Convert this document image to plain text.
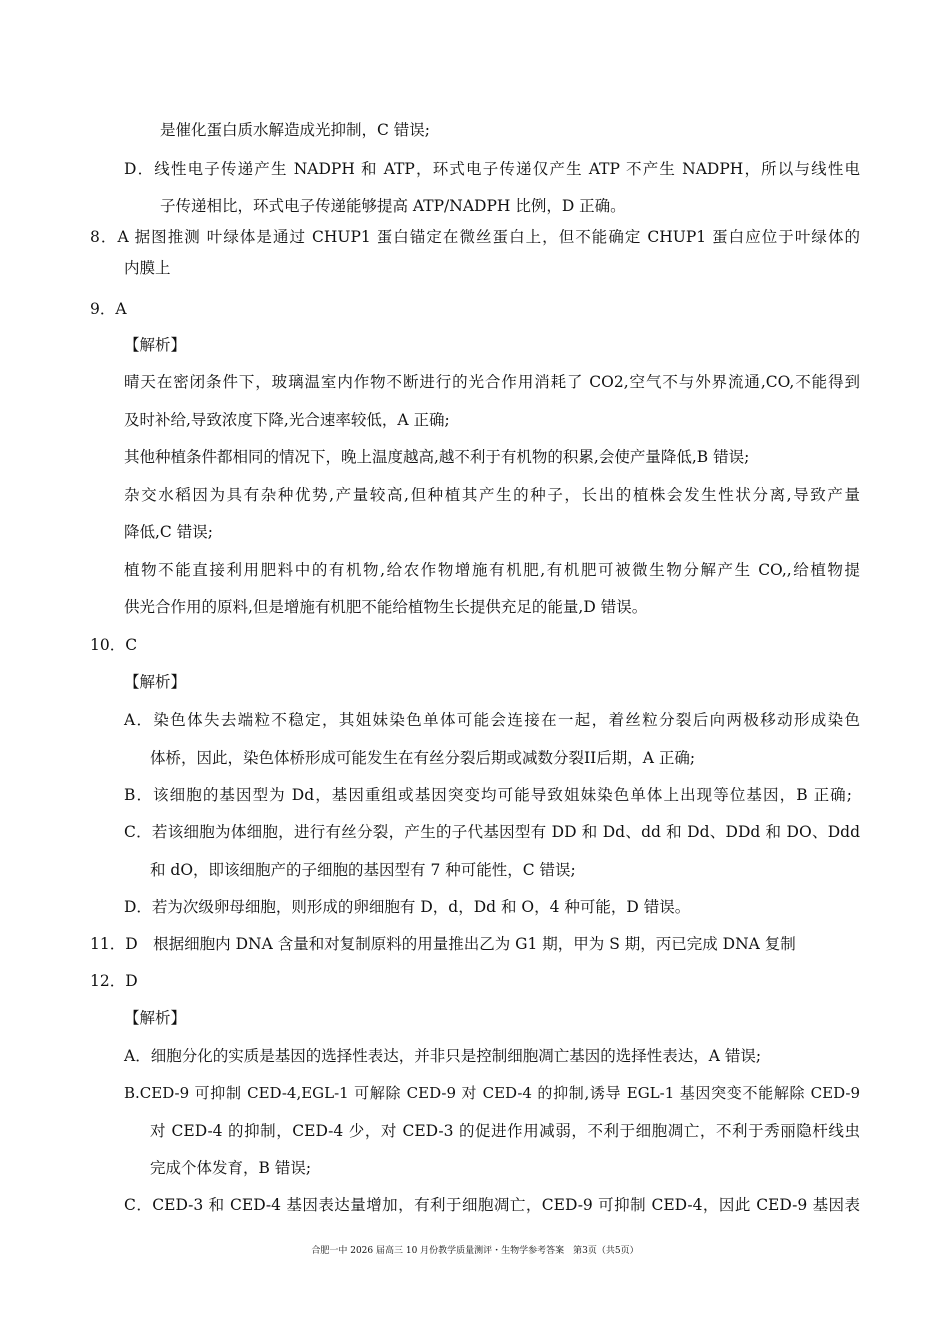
是催化蛋白质水解造成光抑制，C 错误;

D．线性电子传递产生 NADPH 和 ATP，环式电子传递仅产生 ATP 不产生 NADPH，所以与线性电

子传递相比，环式电子传递能够提高 ATP/NADPH 比例，D 正确。

8．A 据图推测 叶绿体是通过 CHUP1 蛋白锚定在微丝蛋白上，但不能确定 CHUP1 蛋白应位于叶绿体的

内膜上

9．A

【解析】

晴天在密闭条件下，玻璃温室内作物不断进行的光合作用消耗了 CO2,空气不与外界流通,CO,不能得到

及时补给,导致浓度下降,光合速率较低，A 正确;

其他种植条件都相同的情况下，晚上温度越高,越不利于有机物的积累,会使产量降低,B 错误;

杂交水稻因为具有杂种优势,产量较高,但种植其产生的种子，长出的植株会发生性状分离,导致产量

降低,C 错误;

植物不能直接利用肥料中的有机物,给农作物增施有机肥,有机肥可被微生物分解产生 CO,,给植物提

供光合作用的原料,但是增施有机肥不能给植物生长提供充足的能量,D 错误。

10．C

【解析】

A．染色体失去端粒不稳定，其姐妹染色单体可能会连接在一起，着丝粒分裂后向两极移动形成染色

体桥，因此，染色体桥形成可能发生在有丝分裂后期或减数分裂II后期，A 正确;

B．该细胞的基因型为 Dd，基因重组或基因突变均可能导致姐妹染色单体上出现等位基因，B 正确;

C．若该细胞为体细胞，进行有丝分裂，产生的子代基因型有 DD 和 Dd、dd 和 Dd、DDd 和 DO、Ddd

和 dO，即该细胞产的子细胞的基因型有 7 种可能性，C 错误;

D．若为次级卵母细胞，则形成的卵细胞有 D，d，Dd 和 O，4 种可能，D 错误。

11．D　根据细胞内 DNA 含量和对复制原料的用量推出乙为 G1 期，甲为 S 期，丙已完成 DNA 复制

12．D

【解析】

A．细胞分化的实质是基因的选择性表达，并非只是控制细胞凋亡基因的选择性表达，A 错误;

B.CED-9 可抑制 CED-4,EGL-1 可解除 CED-9 对 CED-4 的抑制,诱导 EGL-1 基因突变不能解除 CED-9

对 CED-4 的抑制，CED-4 少，对 CED-3 的促进作用减弱，不利于细胞凋亡，不利于秀丽隐杆线虫

完成个体发育，B 错误;

C．CED-3 和 CED-4 基因表达量增加，有利于细胞凋亡，CED-9 可抑制 CED-4，因此 CED-9 基因表

合肥一中 2026 届高三 10 月份教学质量测评・生物学参考答案　第3页（共5页）
